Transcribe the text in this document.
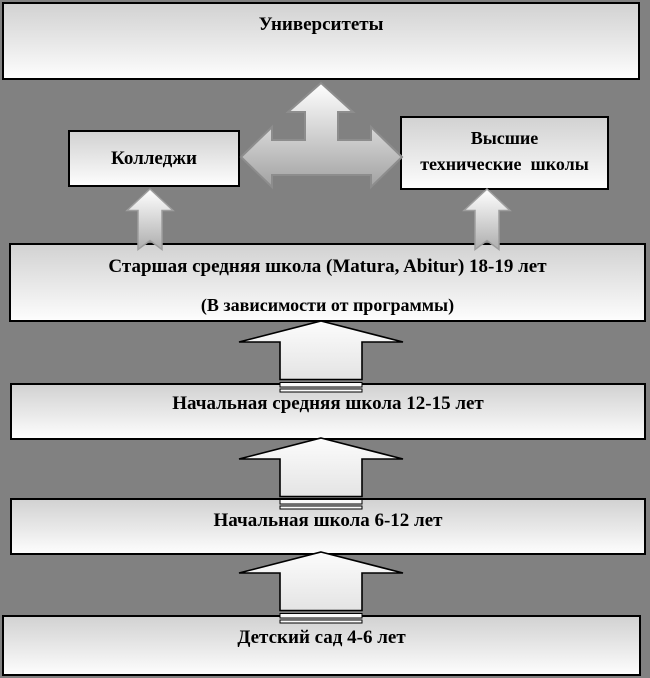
Университеты
Колледжи
Высшие
технические  школы
Старшая средняя школа (Matura, Abitur) 18-19 лет
(В зависимости от программы)
Начальная средняя школа 12-15 лет
Начальная школа 6-12 лет
Детский сад 4-6 лет
